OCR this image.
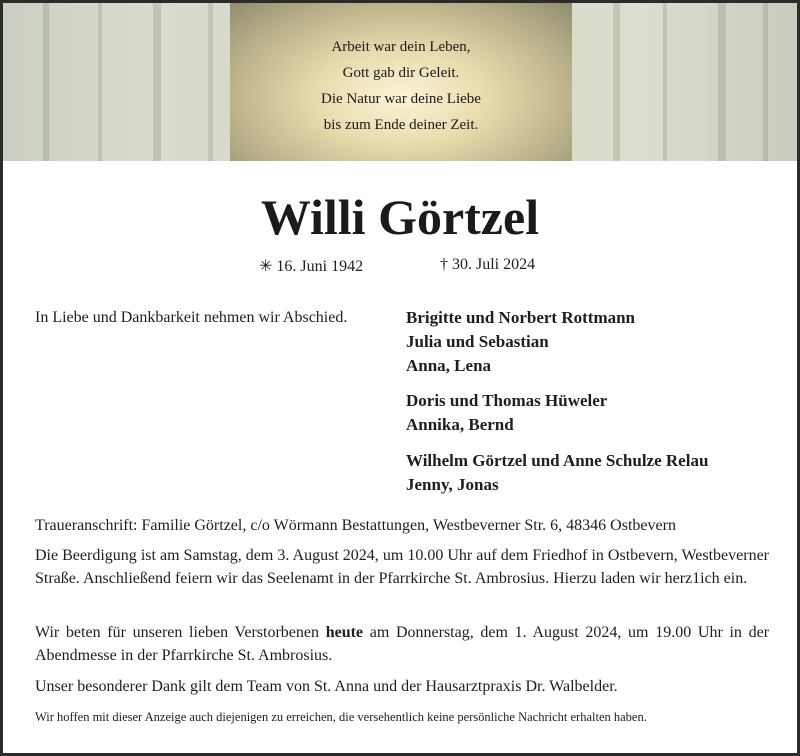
Arbeit war dein Leben,
Gott gab dir Geleit.
Die Natur war deine Liebe
bis zum Ende deiner Zeit.
Willi Görtzel
✳ 16. Juni 1942	† 30. Juli 2024
In Liebe und Dankbarkeit nehmen wir Abschied.	Brigitte und Norbert Rottmann
Julia und Sebastian
Anna, Lena
Doris und Thomas Hüweler
Annika, Bernd
Wilhelm Görtzel und Anne Schulze Relau
Jenny, Jonas
Traueranschrift: Familie Görtzel, c/o Wörmann Bestattungen, Westbeverner Str. 6, 48346 Ostbevern
Die Beerdigung ist am Samstag, dem 3. August 2024, um 10.00 Uhr auf dem Friedhof in Ostbevern, Westbeverner Straße. Anschließend feiern wir das Seelenamt in der Pfarrkirche St. Ambrosius. Hierzu laden wir herz1ich ein.
Wir beten für unseren lieben Verstorbenen heute am Donnerstag, dem 1. August 2024, um 19.00 Uhr in der Abendmesse in der Pfarrkirche St. Ambrosius.
Unser besonderer Dank gilt dem Team von St. Anna und der Hausarztpraxis Dr. Walbelder.
Wir hoffen mit dieser Anzeige auch diejenigen zu erreichen, die versehentlich keine persönliche Nachricht erhalten haben.
